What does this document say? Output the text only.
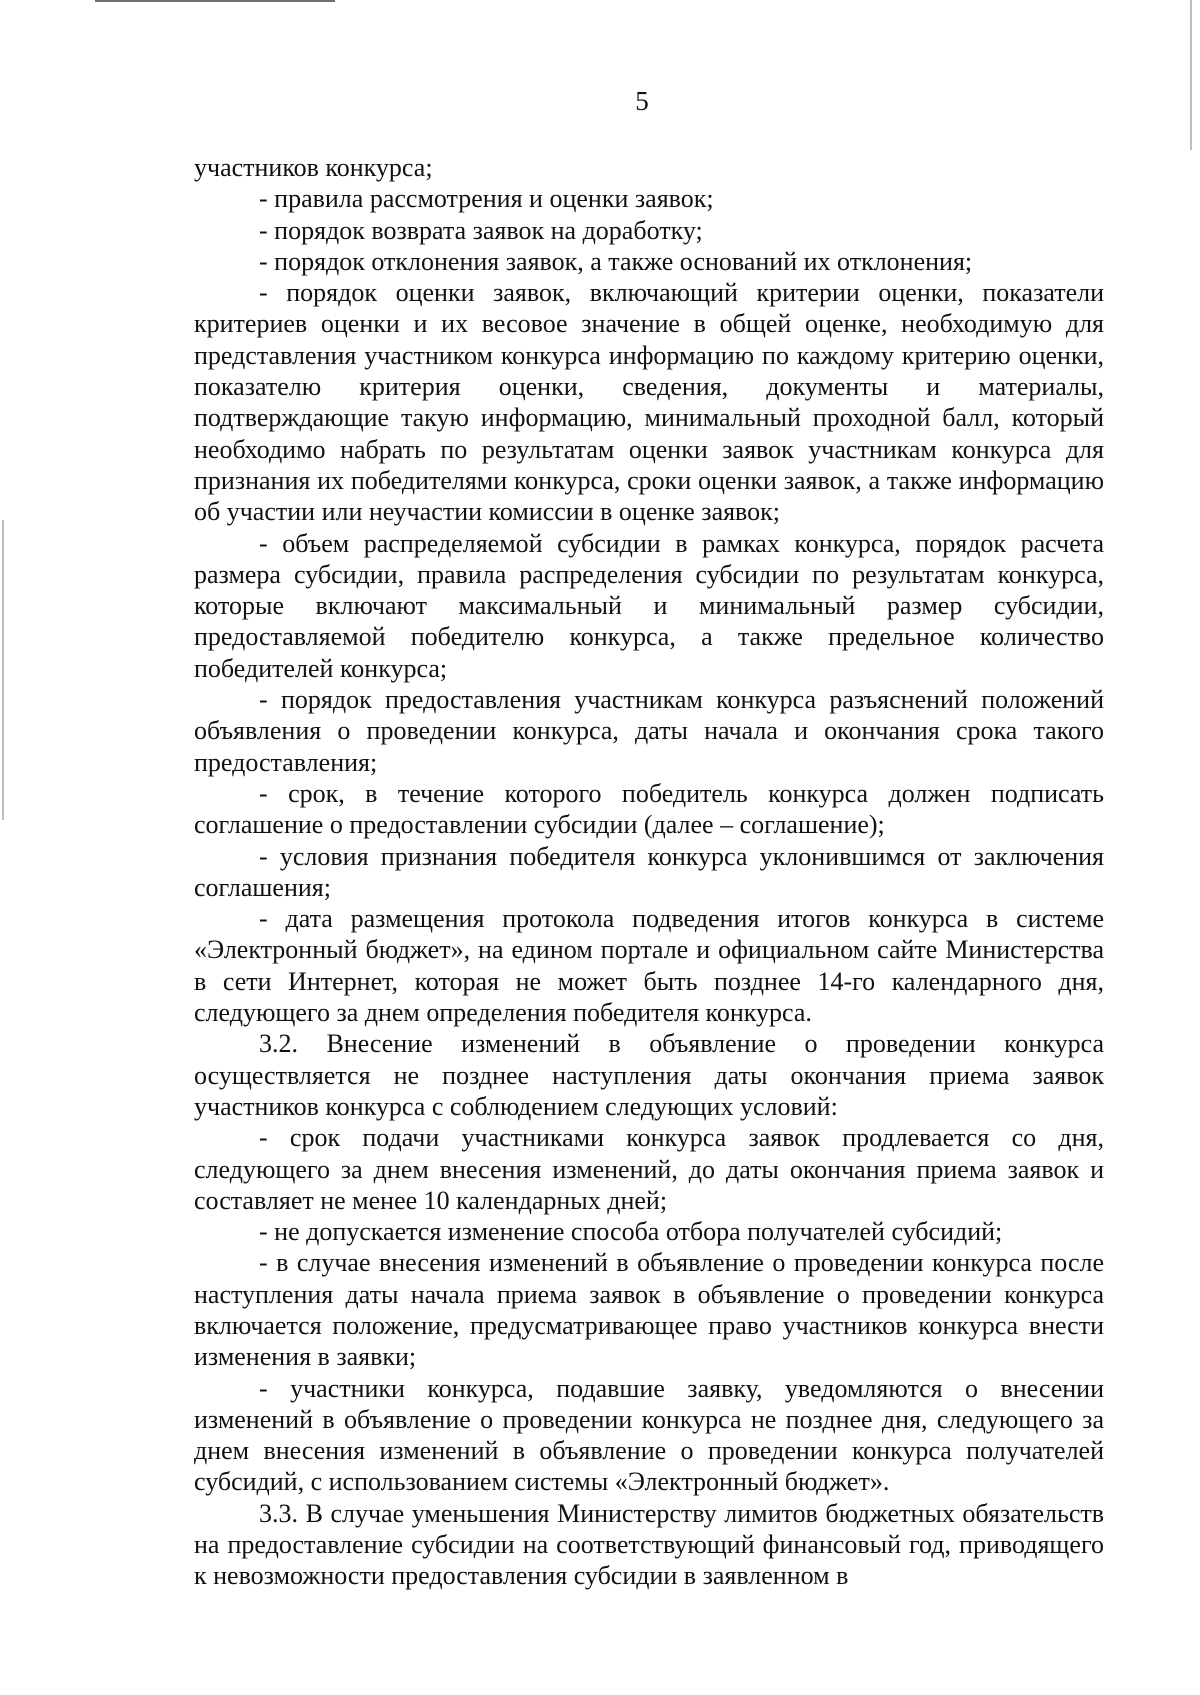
5

участников конкурса;

- правила рассмотрения и оценки заявок;

- порядок возврата заявок на доработку;

- порядок отклонения заявок, а также оснований их отклонения;

- порядок оценки заявок, включающий критерии оценки, показатели критериев оценки и их весовое значение в общей оценке, необходимую для представления участником конкурса информацию по каждому критерию оценки, показателю критерия оценки, сведения, документы и материалы, подтверждающие такую информацию, минимальный проходной балл, который необходимо набрать по результатам оценки заявок участникам конкурса для признания их победителями конкурса, сроки оценки заявок, а также информацию об участии или неучастии комиссии в оценке заявок;

- объем распределяемой субсидии в рамках конкурса, порядок расчета размера субсидии, правила распределения субсидии по результатам конкурса, которые включают максимальный и минимальный размер субсидии, предоставляемой победителю конкурса, а также предельное количество победителей конкурса;

- порядок предоставления участникам конкурса разъяснений положений объявления о проведении конкурса, даты начала и окончания срока такого предоставления;

- срок, в течение которого победитель конкурса должен подписать соглашение о предоставлении субсидии (далее – соглашение);

- условия признания победителя конкурса уклонившимся от заключения соглашения;

- дата размещения протокола подведения итогов конкурса в системе «Электронный бюджет», на едином портале и официальном сайте Министерства в сети Интернет, которая не может быть позднее 14-го календарного дня, следующего за днем определения победителя конкурса.

3.2. Внесение изменений в объявление о проведении конкурса осуществляется не позднее наступления даты окончания приема заявок участников конкурса с соблюдением следующих условий:

- срок подачи участниками конкурса заявок продлевается со дня, следующего за днем внесения изменений, до даты окончания приема заявок и составляет не менее 10 календарных дней;

- не допускается изменение способа отбора получателей субсидий;

- в случае внесения изменений в объявление о проведении конкурса после наступления даты начала приема заявок в объявление о проведении конкурса включается положение, предусматривающее право участников конкурса внести изменения в заявки;

- участники конкурса, подавшие заявку, уведомляются о внесении изменений в объявление о проведении конкурса не позднее дня, следующего за днем внесения изменений в объявление о проведении конкурса получателей субсидий, с использованием системы «Электронный бюджет».

3.3. В случае уменьшения Министерству лимитов бюджетных обязательств на предоставление субсидии на соответствующий финансовый год, приводящего к невозможности предоставления субсидии в заявленном в
